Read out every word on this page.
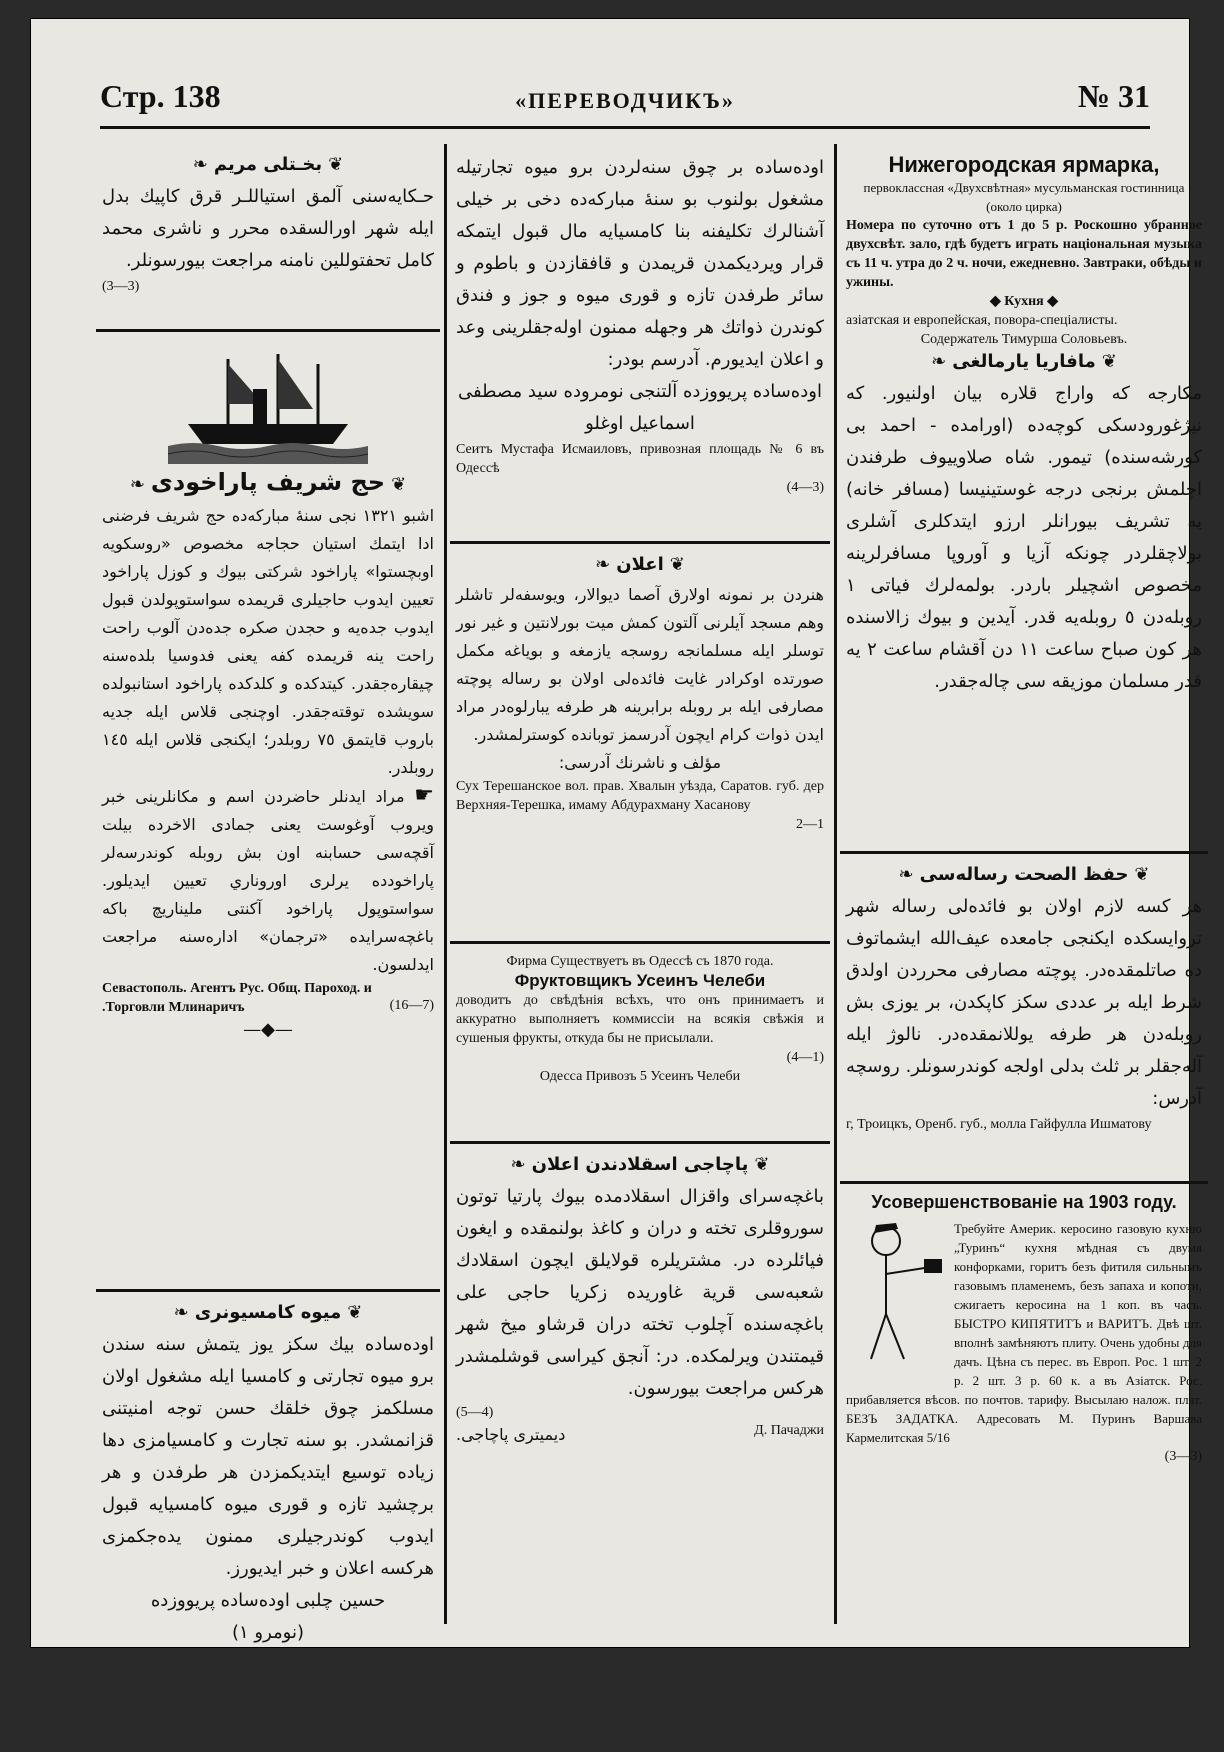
Стр. 138	«ПЕРЕВОДЧИКЪ»	№ 31
❦بخـتلى مريم❧
حـكايه‌سنى آلمق استياللـر قرق كاپيك بدل ايله شهر اورالسقده محرر و ناشرى محمد كامل تحفتوللين نامنه مراجعت بيورسونلر.
(3—3)
❦حج شريف پاراخودى❧
اشبو ١٣٢١ نجى سنهٔ مباركه‌ده‌ حج شريف فرضنى ادا ايتمك استيان حجاجه مخصوص «روسكويه اوبچستوا» پاراخود شركتى بيوك و كوزل پاراخود تعيين ايدوب حاجيلرى قريمده سواستوپولدن قبول ايدوب جده‌يه و حجدن صكره جده‌دن آلوب راحت راحت ينه قريمده كفه يعنى فدوسيا بلده‌سنه چيقاره‌جقدر. كيتدكده و كلدكده پاراخود استانبولده سويشده توقته‌جقدر. اوچنجى قلاس ايله جديه باروب قايتمق ٧٥ روبلدر؛ ايكنجى قلاس ايله ١٤٥ روبلدر.
☛ مراد ايدنلر حاضردن اسم و مكانلرينى خبر ويروب آوغوست يعنى جمادى الاخرده بيلت آقچه‌سى حسابنه اون بش روبله كوندرسه‌لر پاراخودده يرلرى اوروناري تعيين ايديلور. سواستوپول پاراخود آكنتى مليناريچ باكه باغچه‌سرايده «ترجمان» اداره‌سنه مراجعت ايدلسون.
Севастополь. Агентъ Рус. Общ. Пароход. и
.Торговли Млинаричъ	(16—7)
—◆—
❦ميوه كامسيونرى❧
اوده‌ساده بيك سكز يوز يتمش سنه سندن برو ميوه تجارتى و كامسيا ايله مشغول اولان مسلكمز چوق خلقك حسن توجه امنيتنى قزانمشدر. بو سنه تجارت و كامسيامزى دها زياده توسيع ايتديكمزدن هر طرفدن و هر برچشيد تازه و قورى ميوه كامسيايه قبول ايدوب كوندرجيلرى ممنون يده‌جكمزى هركسه اعلان و خبر ايديورز.
حسين چلبى اوده‌ساده پريووزده
(نومرو ١)
اوده‌ساده بر چوق سنه‌لردن برو ميوه تجارتيله مشغول بولنوب بو سنهٔ مباركه‌ده دخى بر خيلى آشنالرك تكليفنه بنا كامسيايه مال قبول ايتمكه قرار ويرديكمدن قريمدن و قافقازدن و باطوم و سائر طرفدن تازه و قورى ميوه و جوز و فندق كوندرن ذواتك هر وجهله ممنون اوله‌جقلرينى وعد و اعلان ايديورم. آدرسم بودر:
اوده‌ساده پريووزده آلتنجى نومروده سيد مصطفى اسماعيل اوغلو
Сеитъ Мустафа Исмаиловъ, привозная площадь № 6 въ Одессѣ
(4—3)
❦اعلان❧
هنردن بر نمونه اولارق آصما ديوالار، ويوسفه‌لر تاشلر وهم مسجد آيلرنى آلتون كمش ميت بورلانتين و غير نور توسلر ايله مسلمانجه روسجه يازمغه و بوياغه مكمل صورتده اوكرادر غايت فائده‌لى اولان بو رساله پوچته مصارفى ايله بر روبله برابرينه هر طرفه يبارلوه‌در مراد ايدن ذوات كرام ايچون آدرسمز توبانده كوسترلمشدر.
مؤلف و ناشرنك آدرسى:
Сух Терешанское вол. прав. Хвалын уѣзда, Саратов. губ. дер Верхняя-Терешка, имаму Абдурахману Хасанову
2—1
Фирма Существуетъ въ Одессѣ съ 1870 года.
Фруктовщикъ Усеинъ Челеби
доводитъ до свѣдѣнія всѣхъ, что онъ принимаетъ и аккуратно выполняетъ коммиссіи на всякія свѣжія и сушеныя фрукты, откуда бы не присылали.
(4—1)
Одесса Привозъ 5 Усеинъ Челеби
❦پاچاجى اسقلادندن اعلان❧
باغچه‌سراى واقزال اسقلادمده بيوك پارتيا توتون سوروقلرى تخته و دران و كاغذ بولنمقده و ايغون فيائلرده در. مشتريلره قولايلق ايچون اسقلادك شعبه‌سى قرية غاوريده زكريا حاجى على باغچه‌سنده آچلوب تخته دران قرشاو ميخ شهر قيمتندن ويرلمكده. در: آنجق كيراسى قوشلمشدر هركس مراجعت بيورسون.
(5—4)
ديميترى پاچاجى.	Д. Пачаджи
Нижегородская ярмарка,
первоклассная «Двухсвѣтная» мусульманская гостинница (около цирка)
Номера по суточно отъ 1 до 5 р. Роскошно убранное двухсвѣт. зало, гдѣ будетъ играть національная музыка съ 11 ч. утра до 2 ч. ночи, ежедневно. Завтраки, обѣды и ужины.
◆ Кухня ◆
азіатская и европейская, повора-спеціалисты.
Содержатель Тимурша Соловьевъ.
❦مافاريا يارمالغى❧
مكارجه كه واراج قلاره بيان اولنيور. كه نيژغورودسكى كوچه‌ده (اورامده - احمد بى كورشه‌سنده) تيمور. شاه صلاوييوف طرفندن اچلمش برنجى درجه غوستينيسا (مسافر خانه) يه تشريف بيورانلر ارزو ايتدكلرى آشلرى بولاچقلردر چونكه آزيا و آوروپا مسافرلرينه مخصوص اشچيلر باردر. بولمه‌لرك فياتى ١ روبله‌دن ٥ روبلەيه قدر. آيدين و بيوك زالاسنده هر كون صباح ساعت ١١ دن آقشام ساعت ٢ يه قدر مسلمان موزيقه سى چاله‌جقدر.
❦حفظ الصحت رساله‌سى❧
هر كسه لازم اولان بو فائده‌لى رساله شهر تروايسكده ايكنجى جامعده عيف‌الله ايشماتوف ده صاتلمقده‌در. پوچته مصارفى محرردن اولدق شرط ايله بر عددى سكز كاپكدن، بر يوزى بش روبله‌دن هر طرفه يوللانمقده‌در. نالوژ ايله آله‌جقلر بر ثلث بدلى اولجه كوندرسونلر. روسچه آدرس:
г, Троицкъ, Оренб. губ., молла Гайфулла Ишматову
Усовершенствованіе на 1903 году.
Требуйте Америк. керосино газовую кухню „Туринъ“ кухня мѣдная съ двумя конфорками, горитъ безъ фитиля сильнымъ газовымъ пламенемъ, безъ запаха и копоти, сжигаетъ керосина на 1 коп. въ часъ. БЫСТРО КИПЯТИТЪ и ВАРИТЪ. Двѣ шт. вполнѣ замѣняютъ плиту. Очень удобны для дачъ. Цѣна съ перес. въ Европ. Рос. 1 шт. 2 р. 2 шт. 3 р. 60 к. а въ Азіатск. Рос. прибавляется вѣсов. по почтов. тарифу. Высылаю налож. плат. БЕЗЪ ЗАДАТКА. Адресовать М. Пуринъ Варшава Кармелитская 5/16
(3—3)
